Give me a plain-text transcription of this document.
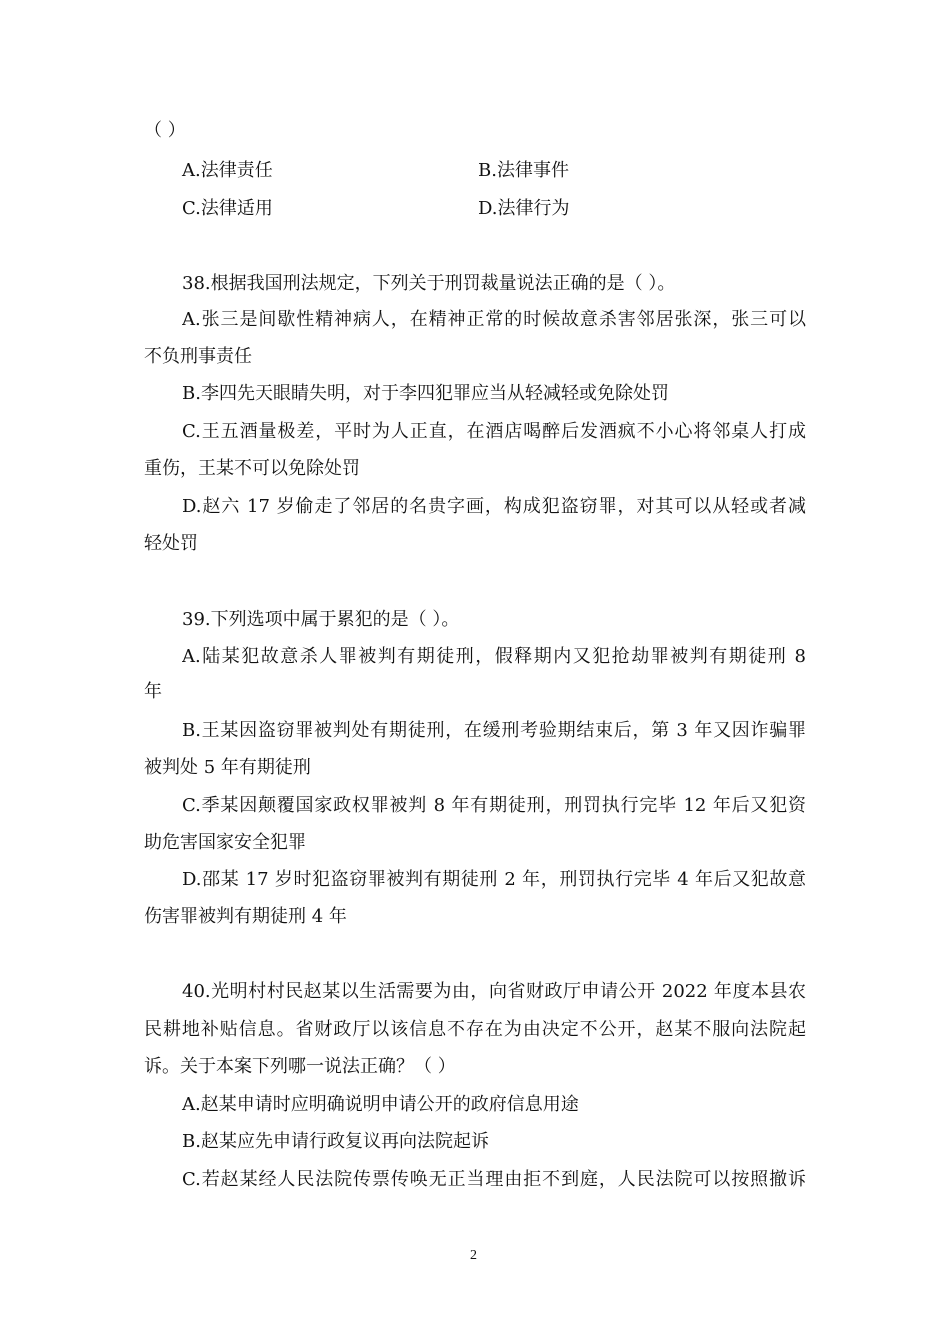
（ ）
A.法律责任	B.法律事件
C.法律适用	D.法律行为
38.根据我国刑法规定，下列关于刑罚裁量说法正确的是（ ）。
A.张三是间歇性精神病人，在精神正常的时候故意杀害邻居张深，张三可以
不负刑事责任
B.李四先天眼睛失明，对于李四犯罪应当从轻减轻或免除处罚
C.王五酒量极差，平时为人正直，在酒店喝醉后发酒疯不小心将邻桌人打成
重伤，王某不可以免除处罚
D.赵六 17 岁偷走了邻居的名贵字画，构成犯盗窃罪，对其可以从轻或者减
轻处罚
39.下列选项中属于累犯的是（ ）。
A.陆某犯故意杀人罪被判有期徒刑，假释期内又犯抢劫罪被判有期徒刑 8
年
B.王某因盗窃罪被判处有期徒刑，在缓刑考验期结束后，第 3 年又因诈骗罪
被判处 5 年有期徒刑
C.季某因颠覆国家政权罪被判 8 年有期徒刑，刑罚执行完毕 12 年后又犯资
助危害国家安全犯罪
D.邵某 17 岁时犯盗窃罪被判有期徒刑 2 年，刑罚执行完毕 4 年后又犯故意
伤害罪被判有期徒刑 4 年
40.光明村村民赵某以生活需要为由，向省财政厅申请公开 2022 年度本县农
民耕地补贴信息。省财政厅以该信息不存在为由决定不公开，赵某不服向法院起
诉。关于本案下列哪一说法正确？（ ）
A.赵某申请时应明确说明申请公开的政府信息用途
B.赵某应先申请行政复议再向法院起诉
C.若赵某经人民法院传票传唤无正当理由拒不到庭，人民法院可以按照撤诉
2
